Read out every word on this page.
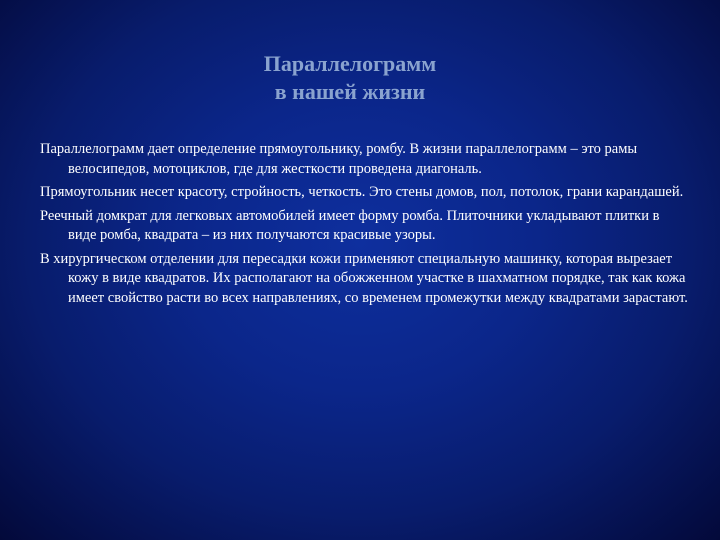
Параллелограмм
в нашей жизни

Параллелограмм дает определение прямоугольнику, ромбу. В жизни параллелограмм – это рамы велосипедов, мотоциклов, где для жесткости проведена диагональ.

Прямоугольник несет красоту, стройность, четкость. Это стены домов, пол, потолок, грани карандашей.

Реечный домкрат для легковых автомобилей имеет форму ромба. Плиточники укладывают плитки в виде ромба, квадрата – из них получаются красивые узоры.

В хирургическом отделении для пересадки кожи применяют специальную машинку, которая вырезает кожу в виде квадратов. Их располагают на обожженном участке в шахматном порядке, так как кожа имеет свойство расти во всех направлениях, со временем промежутки между квадратами зарастают.
